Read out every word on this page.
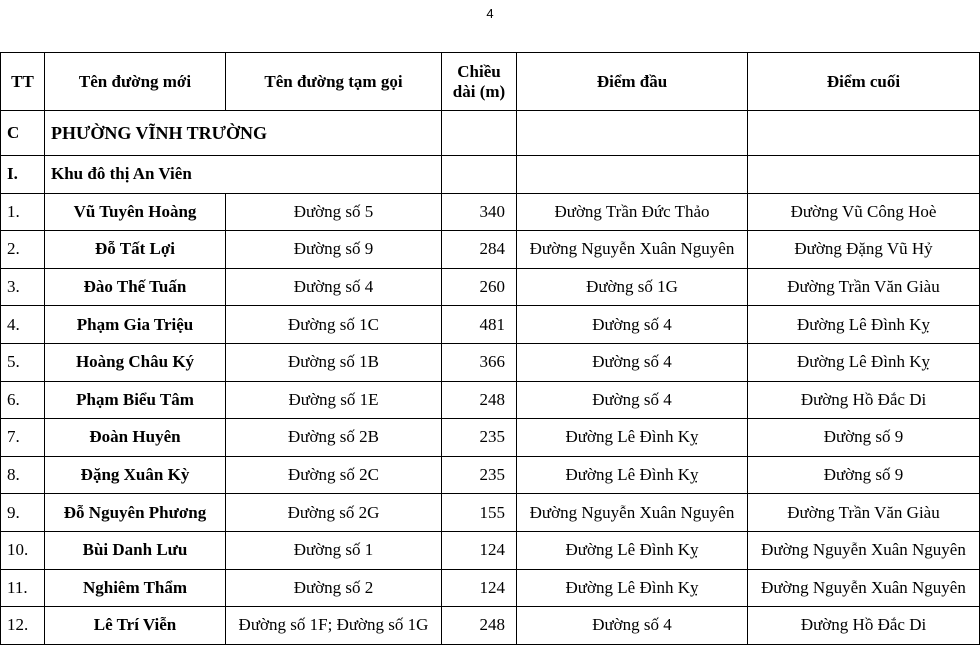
4
TT	Tên đường mới	Tên đường tạm gọi	Chiều
dài (m)	Điểm đầu	Điểm cuối
C	PHƯỜNG VĨNH TRƯỜNG				
I.	Khu đô thị An Viên				
1.	Vũ Tuyên Hoàng	Đường số 5	340	Đường Trần Đức Thảo	Đường Vũ Công Hoè
2.	Đỗ Tất Lợi	Đường số 9	284	Đường Nguyễn Xuân Nguyên	Đường Đặng Vũ Hỷ
3.	Đào Thế Tuấn	Đường số 4	260	Đường số 1G	Đường Trần Văn Giàu
4.	Phạm Gia Triệu	Đường số 1C	481	Đường số 4	Đường Lê Đình Kỵ
5.	Hoàng Châu Ký	Đường số 1B	366	Đường số 4	Đường Lê Đình Kỵ
6.	Phạm Biểu Tâm	Đường số 1E	248	Đường số 4	Đường Hồ Đắc Di
7.	Đoàn Huyên	Đường số 2B	235	Đường Lê Đình Kỵ	Đường số 9
8.	Đặng Xuân Kỳ	Đường số 2C	235	Đường Lê Đình Kỵ	Đường số 9
9.	Đỗ Nguyên Phương	Đường số 2G	155	Đường Nguyễn Xuân Nguyên	Đường Trần Văn Giàu
10.	Bùi Danh Lưu	Đường số 1	124	Đường Lê Đình Kỵ	Đường Nguyễn Xuân Nguyên
11.	Nghiêm Thẩm	Đường số 2	124	Đường Lê Đình Kỵ	Đường Nguyễn Xuân Nguyên
12.	Lê Trí Viễn	Đường số 1F; Đường số 1G	248	Đường số 4	Đường Hồ Đắc Di
